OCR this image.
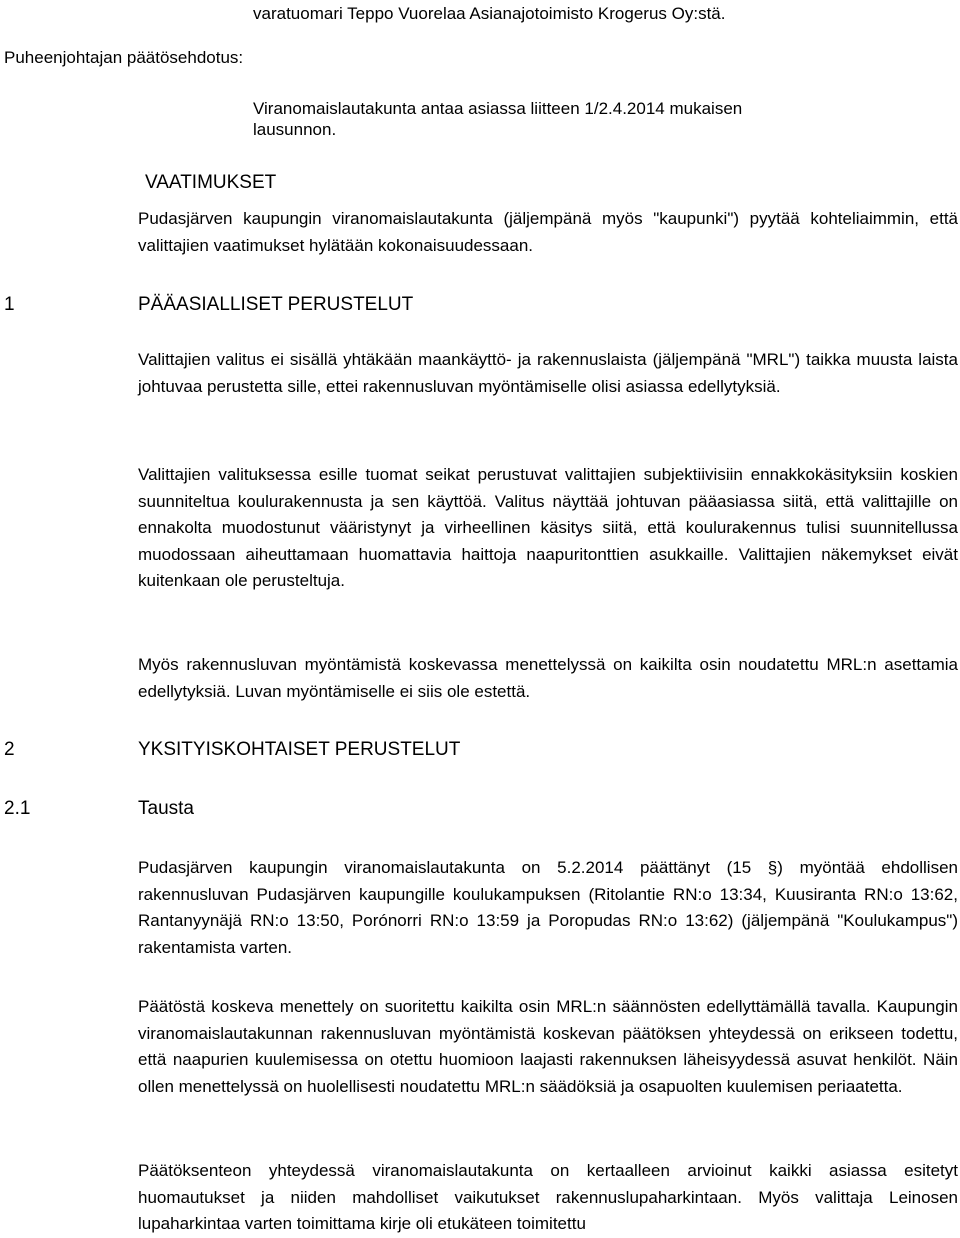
varatuomari Teppo Vuorelaa Asianajotoimisto Krogerus Oy:stä.
Puheenjohtajan päätösehdotus:
Viranomaislautakunta antaa asiassa liitteen 1/2.4.2014 mukaisen
lausunnon.
VAATIMUKSET

Pudasjärven kaupungin viranomaislautakunta (jäljempänä myös "kaupunki") pyytää kohteliaimmin, että valittajien vaatimukset hylätään kokonaisuudessaan.

1	PÄÄASIALLISET PERUSTELUT

Valittajien valitus ei sisällä yhtäkään maankäyttö- ja rakennuslaista (jäljempänä "MRL") taikka muusta laista johtuvaa perustetta sille, ettei rakennusluvan myöntämiselle olisi asiassa edellytyksiä.

Valittajien valituksessa esille tuomat seikat perustuvat valittajien subjektiivisiin ennakkokäsityksiin koskien suunniteltua koulurakennusta ja sen käyttöä. Valitus näyttää johtuvan pääasiassa siitä, että valittajille on ennakolta muodostunut vääristynyt ja virheellinen käsitys siitä, että koulurakennus tulisi suunnitellussa muodossaan aiheuttamaan huomattavia haittoja naapuritonttien asukkaille. Valittajien näkemykset eivät kuitenkaan ole perusteltuja.

Myös rakennusluvan myöntämistä koskevassa menettelyssä on kaikilta osin noudatettu MRL:n asettamia edellytyksiä. Luvan myöntämiselle ei siis ole estettä.

2	YKSITYISKOHTAISET PERUSTELUT
2.1	Tausta

Pudasjärven kaupungin viranomaislautakunta on 5.2.2014 päättänyt (15 §) myöntää ehdollisen rakennusluvan Pudasjärven kaupungille koulukampuksen (Ritolantie RN:o 13:34, Kuusiranta RN:o 13:62, Rantanyynäjä RN:o 13:50, Porónorri RN:o 13:59 ja Poropudas RN:o 13:62) (jäljempänä "Koulukampus") rakentamista varten.

Päätöstä koskeva menettely on suoritettu kaikilta osin MRL:n säännösten edellyttämällä tavalla. Kaupungin viranomaislautakunnan rakennusluvan myöntämistä koskevan päätöksen yhteydessä on erikseen todettu, että naapurien kuulemisessa on otettu huomioon laajasti rakennuksen läheisyydessä asuvat henkilöt. Näin ollen menettelyssä on huolellisesti noudatettu MRL:n säädöksiä ja osapuolten kuulemisen periaatetta.

Päätöksenteon yhteydessä viranomaislautakunta on kertaalleen arvioinut kaikki asiassa esitetyt huomautukset ja niiden mahdolliset vaikutukset rakennuslupaharkintaan. Myös valittaja Leinosen lupaharkintaa varten toimittama kirje oli etukäteen toimitettu
